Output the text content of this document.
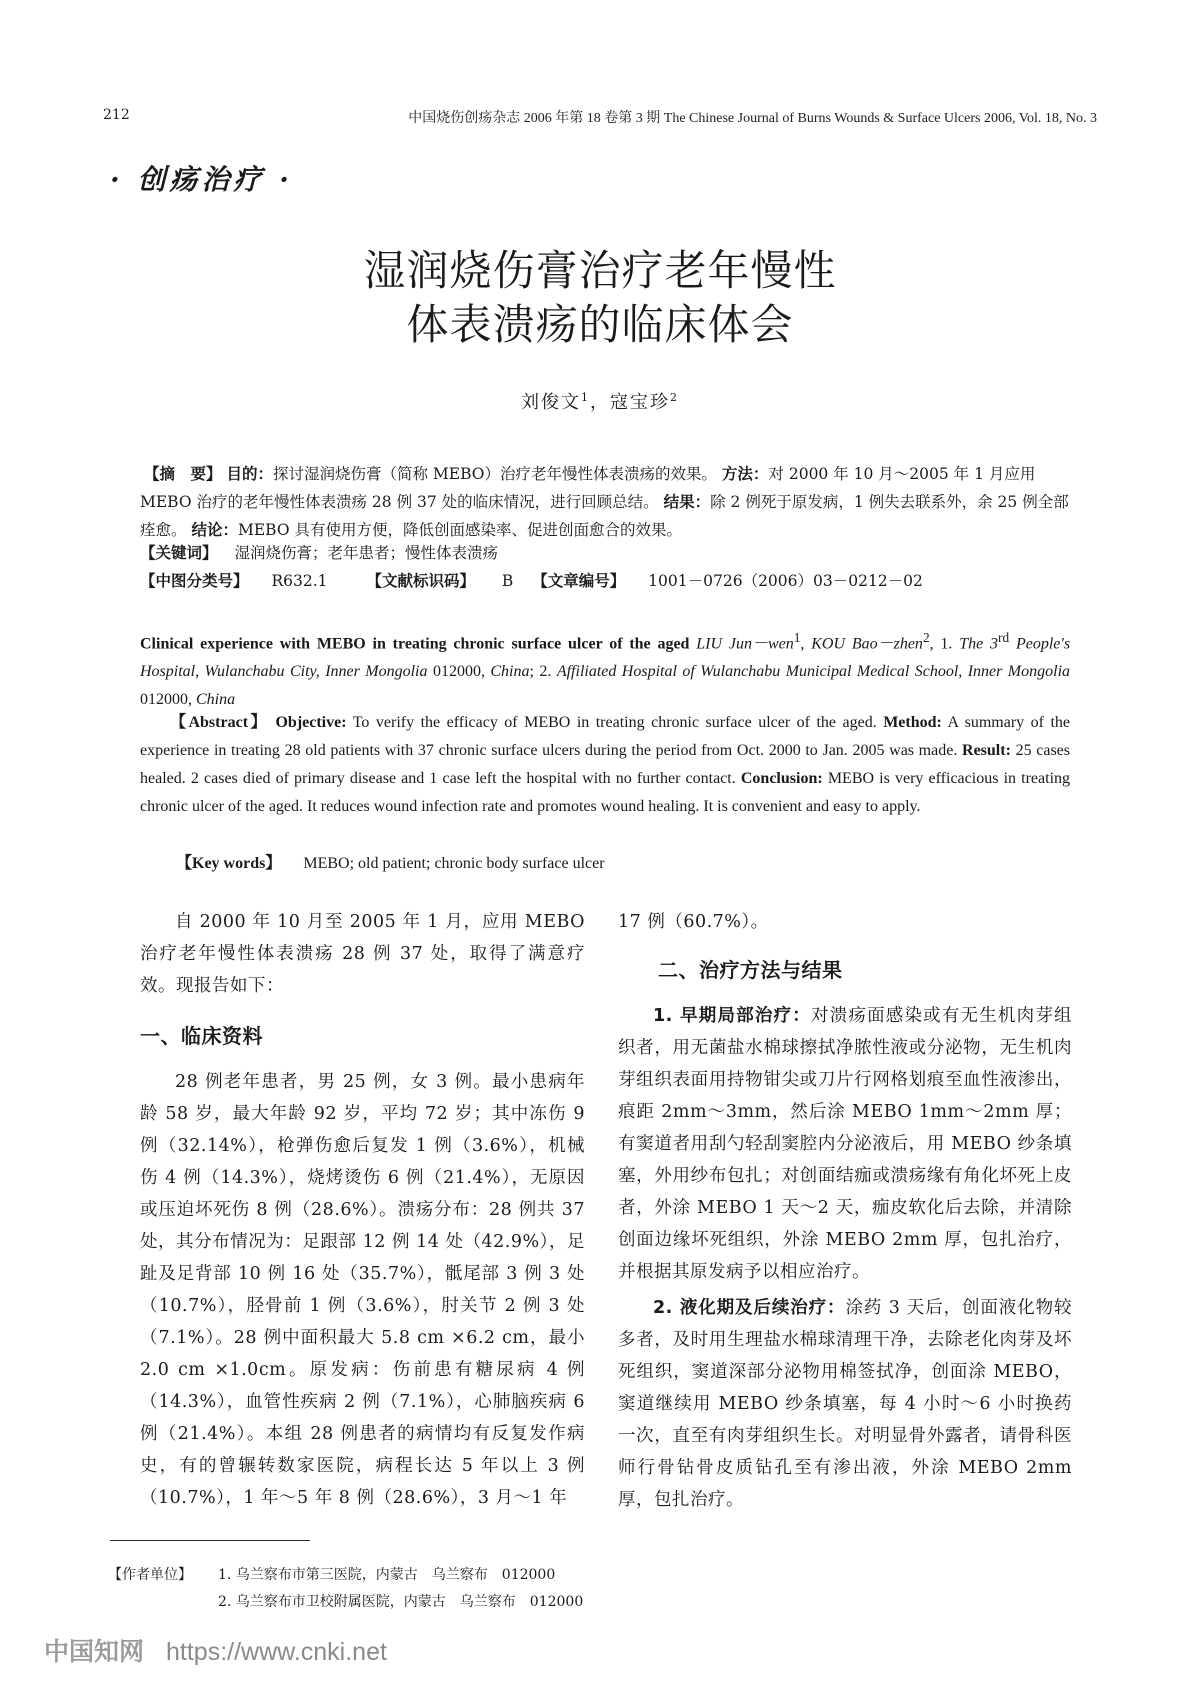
212	中国烧伤创疡杂志 2006 年第 18 卷第 3 期 The Chinese Journal of Burns Wounds & Surface Ulcers 2006, Vol. 18, No. 3
· 创疡治疗 ·
湿润烧伤膏治疗老年慢性
体表溃疡的临床体会
刘俊文$^1$，寇宝珍$^2$
【摘　要】 目的：探讨湿润烧伤膏（简称 MEBO）治疗老年慢性体表溃疡的效果。 方法：对 2000 年 10 月～2005 年 1 月应用 MEBO 治疗的老年慢性体表溃疡 28 例 37 处的临床情况，进行回顾总结。 结果：除 2 例死于原发病，1 例失去联系外，余 25 例全部痊愈。 结论：MEBO 具有使用方便，降低创面感染率、促进创面愈合的效果。
【关键词】 湿润烧伤膏；老年患者；慢性体表溃疡
【中图分类号】 R632.1	【文献标识码】 B 【文章编号】 1001－0726（2006）03－0212－02
Clinical experience with MEBO in treating chronic surface ulcer of the aged LIU Jun－wen$^1$, KOU Bao－zhen$^2$, 1. The 3rd People's Hospital, Wulanchabu City, Inner Mongolia 012000, China; 2. Affiliated Hospital of Wulanchabu Municipal Medical School, Inner Mongolia 012000, China
【Abstract】 Objective: To verify the efficacy of MEBO in treating chronic surface ulcer of the aged. Method: A summary of the experience in treating 28 old patients with 37 chronic surface ulcers during the period from Oct. 2000 to Jan. 2005 was made. Result: 25 cases healed. 2 cases died of primary disease and 1 case left the hospital with no further contact. Conclusion: MEBO is very efficacious in treating chronic ulcer of the aged. It reduces wound infection rate and promotes wound healing. It is convenient and easy to apply.
【Key words】 MEBO; old patient; chronic body surface ulcer

自 2000 年 10 月至 2005 年 1 月，应用 MEBO 治疗老年慢性体表溃疡 28 例 37 处，取得了满意疗效。现报告如下：

一、临床资料

28 例老年患者，男 25 例，女 3 例。最小患病年龄 58 岁，最大年龄 92 岁，平均 72 岁；其中冻伤 9 例（32.14%），枪弹伤愈后复发 1 例（3.6%），机械伤 4 例（14.3%），烧烤烫伤 6 例（21.4%），无原因或压迫坏死伤 8 例（28.6%）。溃疡分布：28 例共 37 处，其分布情况为：足跟部 12 例 14 处（42.9%），足趾及足背部 10 例 16 处（35.7%），骶尾部 3 例 3 处（10.7%），胫骨前 1 例（3.6%），肘关节 2 例 3 处（7.1%）。28 例中面积最大 5.8 cm ×6.2 cm，最小 2.0 cm ×1.0cm。原发病：伤前患有糖尿病 4 例（14.3%），血管性疾病 2 例（7.1%），心肺脑疾病 6 例（21.4%）。本组 28 例患者的病情均有反复发作病史，有的曾辗转数家医院，病程长达 5 年以上 3 例（10.7%），1 年～5 年 8 例（28.6%），3 月～1 年

17 例（60.7%）。

二、治疗方法与结果

1. 早期局部治疗：对溃疡面感染或有无生机肉芽组织者，用无菌盐水棉球擦拭净脓性液或分泌物，无生机肉芽组织表面用持物钳尖或刀片行网格划痕至血性液渗出，痕距 2mm～3mm，然后涂 MEBO 1mm～2mm 厚；有窦道者用刮勺轻刮窦腔内分泌液后，用 MEBO 纱条填塞，外用纱布包扎；对创面结痂或溃疡缘有角化坏死上皮者，外涂 MEBO 1 天～2 天，痂皮软化后去除，并清除创面边缘坏死组织，外涂 MEBO 2mm 厚，包扎治疗，并根据其原发病予以相应治疗。

2. 液化期及后续治疗：涂药 3 天后，创面液化物较多者，及时用生理盐水棉球清理干净，去除老化肉芽及坏死组织，窦道深部分泌物用棉签拭净，创面涂 MEBO，窦道继续用 MEBO 纱条填塞，每 4 小时～6 小时换药一次，直至有肉芽组织生长。对明显骨外露者，请骨科医师行骨钻骨皮质钻孔至有渗出液，外涂 MEBO 2mm 厚，包扎治疗。

【作者单位】 1. 乌兰察布市第三医院，内蒙古　乌兰察布　012000
2. 乌兰察布市卫校附属医院，内蒙古　乌兰察布　012000
中国知网 https://www.cnki.net
